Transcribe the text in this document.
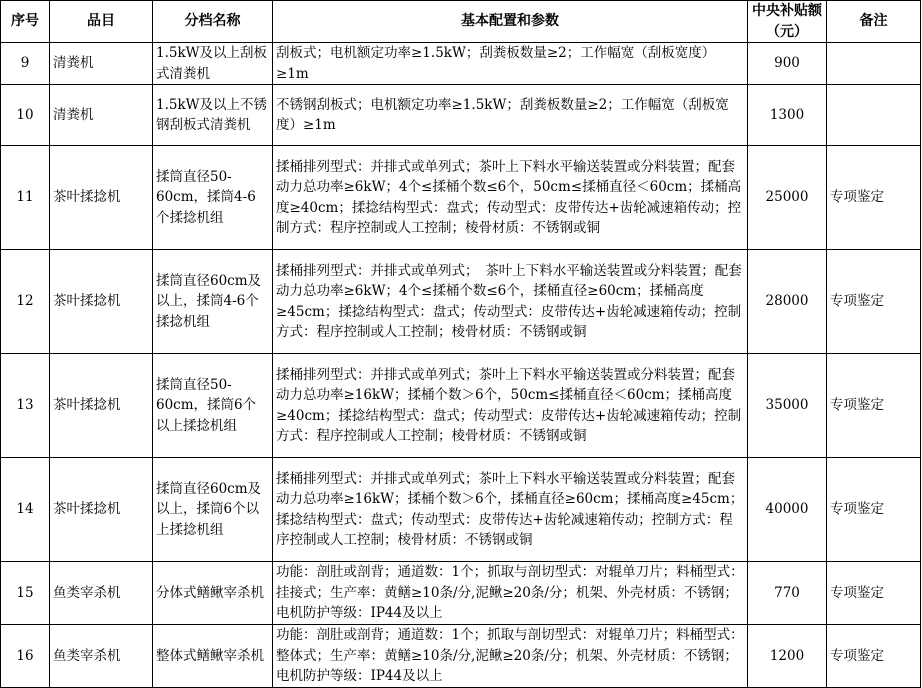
序号	品目	分档名称	基本配置和参数	中央补贴额（元）	备注
9	清粪机	1.5kW及以上刮板式清粪机	刮板式；电机额定功率≥1.5kW；刮粪板数量≥2；工作幅宽（刮板宽度）≥1m	900	
10	清粪机	1.5kW及以上不锈钢刮板式清粪机	不锈钢刮板式；电机额定功率≥1.5kW；刮粪板数量≥2；工作幅宽（刮板宽度）≥1m	1300	
11	茶叶揉捻机	揉筒直径50-60cm，揉筒4-6个揉捻机组	揉桶排列型式：并排式或单列式；茶叶上下料水平输送装置或分料装置；配套动力总功率≥6kW；4个≤揉桶个数≤6个，50cm≤揉桶直径＜60cm；揉桶高度≥40cm；揉捻结构型式：盘式；传动型式：皮带传达+齿轮减速箱传动；控制方式：程序控制或人工控制；棱骨材质：不锈钢或铜	25000	专项鉴定
12	茶叶揉捻机	揉筒直径60cm及以上，揉筒4-6个揉捻机组	揉桶排列型式：并排式或单列式；　茶叶上下料水平输送装置或分料装置；配套动力总功率≥6kW；4个≤揉桶个数≤6个，揉桶直径≥60cm；揉桶高度≥45cm；揉捻结构型式：盘式；传动型式：皮带传达+齿轮减速箱传动；控制方式：程序控制或人工控制；棱骨材质：不锈钢或铜	28000	专项鉴定
13	茶叶揉捻机	揉筒直径50-60cm，揉筒6个以上揉捻机组	揉桶排列型式：并排式或单列式；茶叶上下料水平输送装置或分料装置；配套动力总功率≥16kW；揉桶个数＞6个，50cm≤揉桶直径＜60cm；揉桶高度≥40cm；揉捻结构型式：盘式；传动型式：皮带传达+齿轮减速箱传动；控制方式：程序控制或人工控制；棱骨材质：不锈钢或铜	35000	专项鉴定
14	茶叶揉捻机	揉筒直径60cm及以上，揉筒6个以上揉捻机组	揉桶排列型式：并排式或单列式；茶叶上下料水平输送装置或分料装置；配套动力总功率≥16kW；揉桶个数＞6个，揉桶直径≥60cm；揉桶高度≥45cm；揉捻结构型式：盘式；传动型式：皮带传达+齿轮减速箱传动；控制方式：程序控制或人工控制；棱骨材质：不锈钢或铜	40000	专项鉴定
15	鱼类宰杀机	分体式鳝鳅宰杀机	功能：剖肚或剖背；通道数：1个；抓取与剖切型式：对辊单刀片；料桶型式：挂接式；生产率：黄鳝≥10条/分,泥鳅≥20条/分；机架、外壳材质：不锈钢；电机防护等级：IP44及以上	770	专项鉴定
16	鱼类宰杀机	整体式鳝鳅宰杀机	功能：剖肚或剖背；通道数：1个；抓取与剖切型式：对辊单刀片；料桶型式：整体式；生产率：黄鳝≥10条/分,泥鳅≥20条/分；机架、外壳材质：不锈钢；电机防护等级：IP44及以上	1200	专项鉴定
